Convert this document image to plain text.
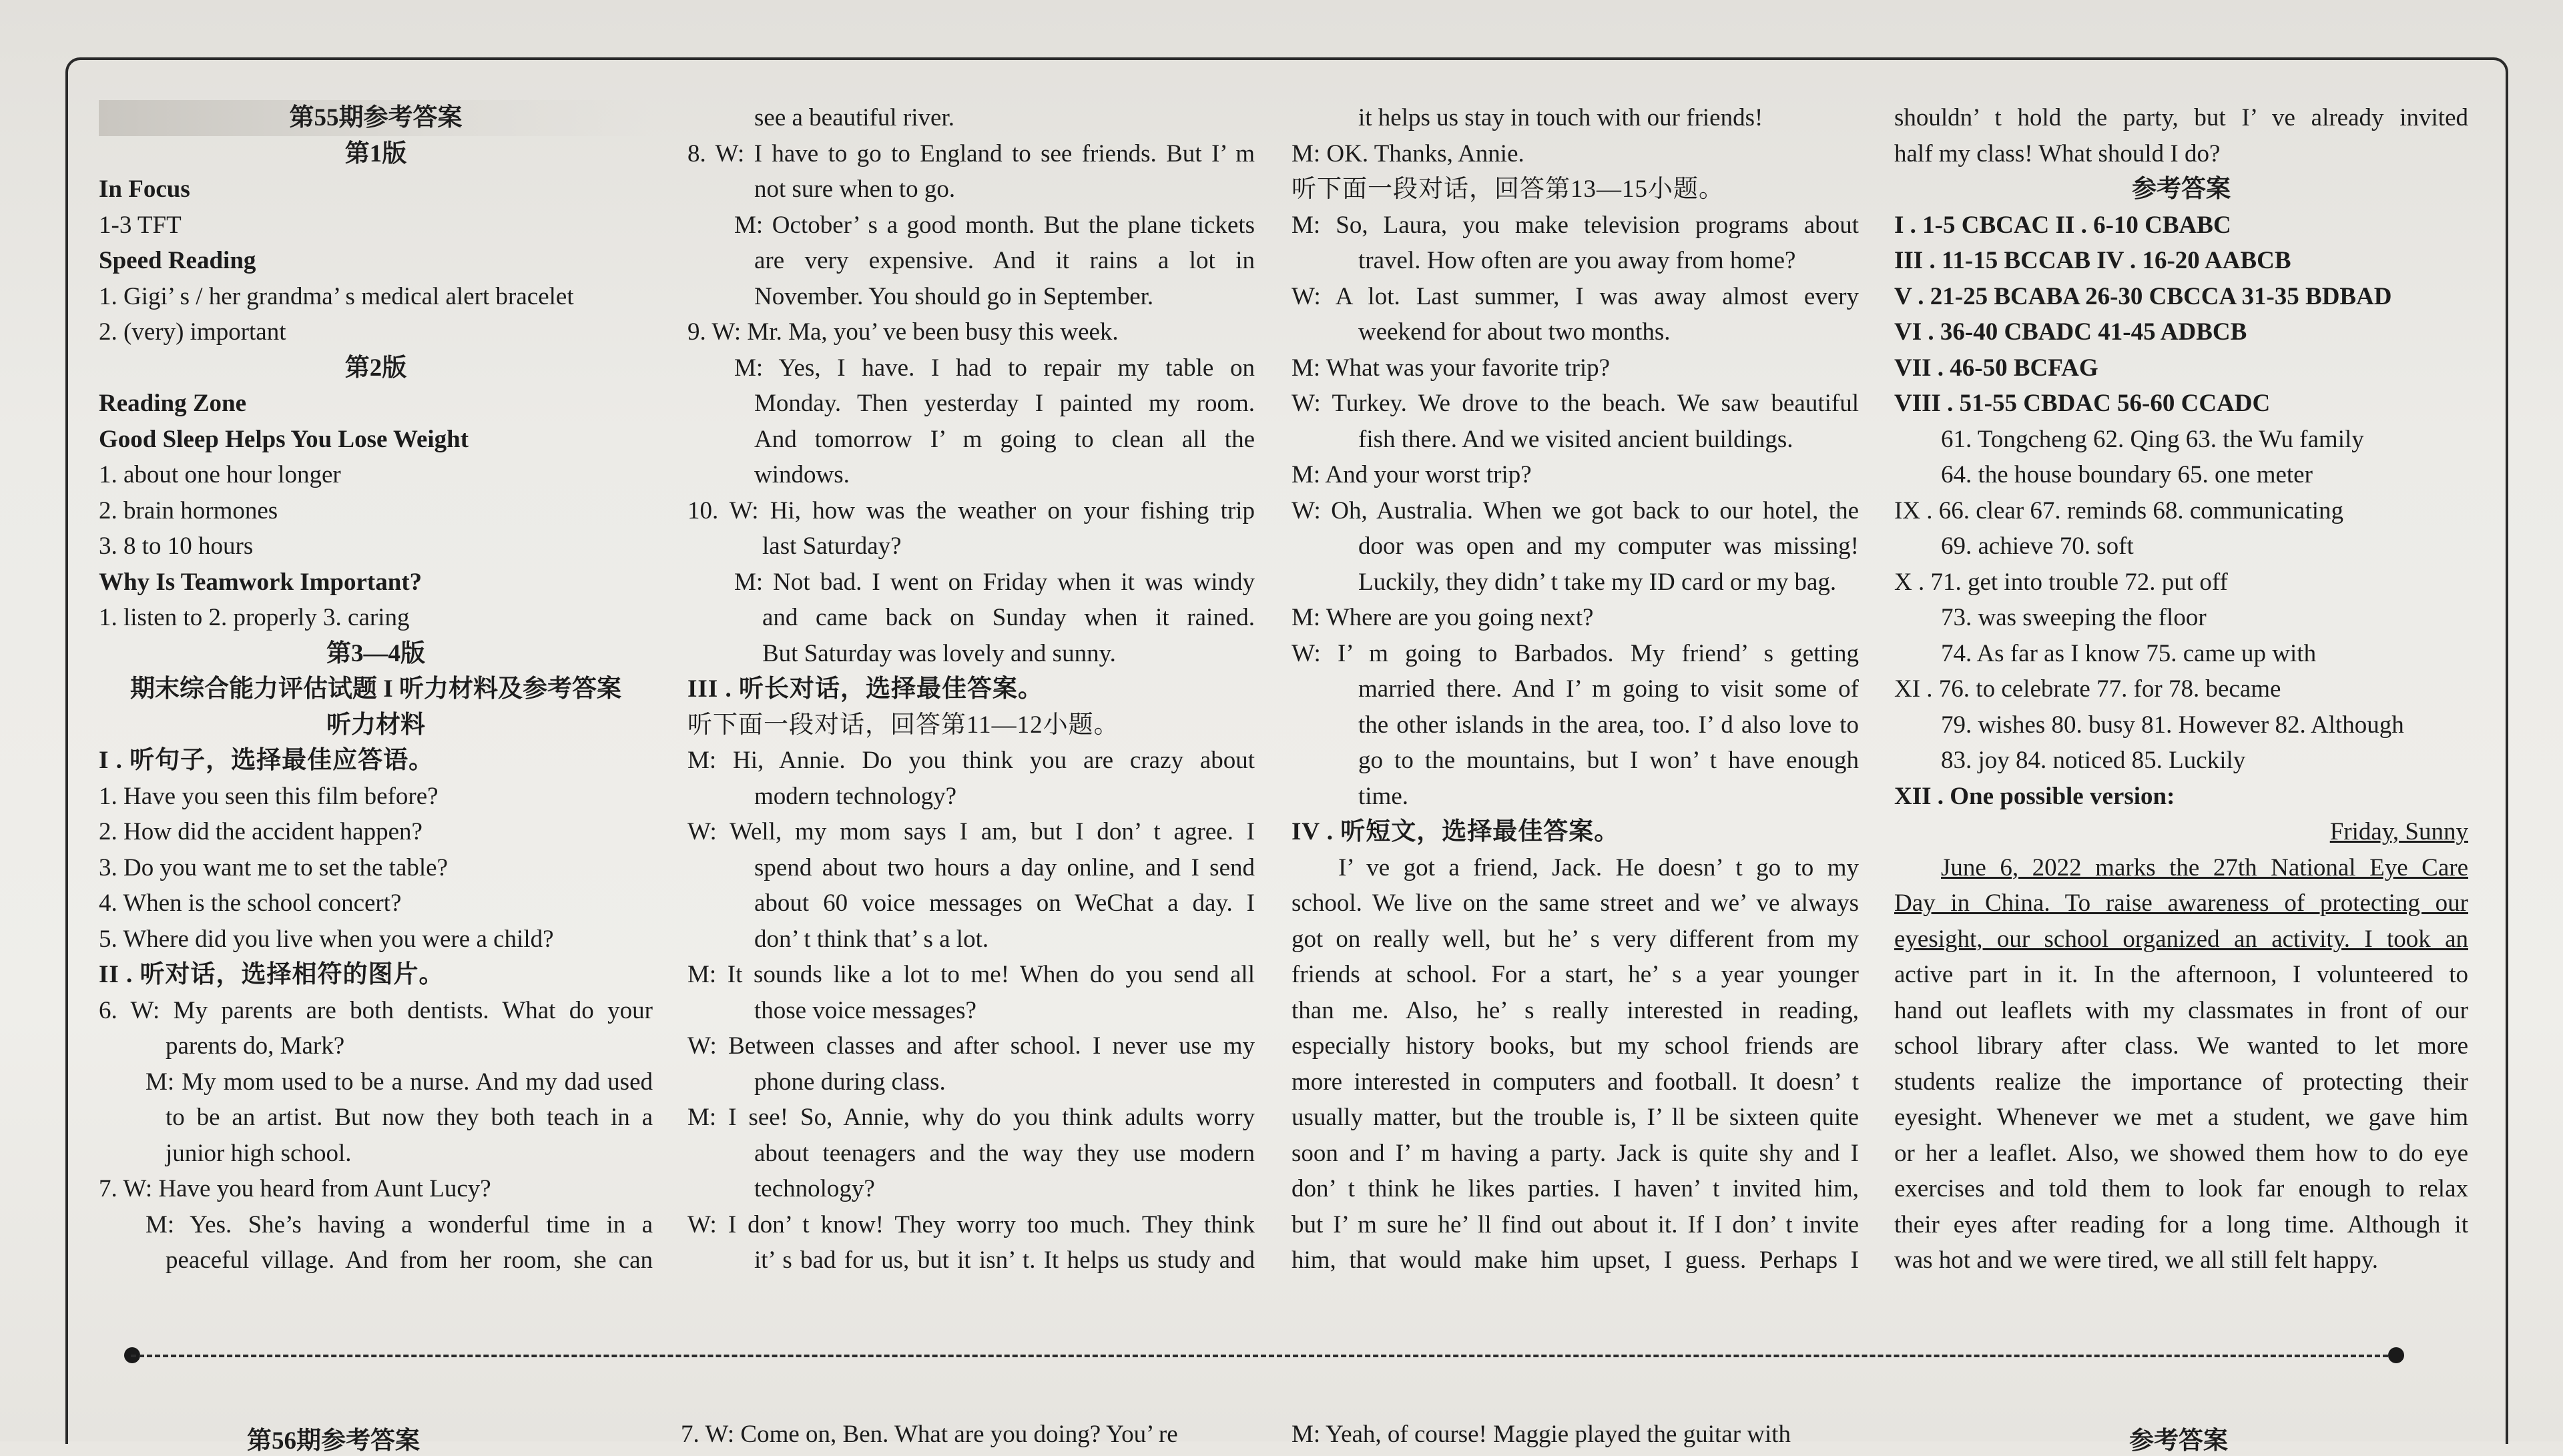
第55期参考答案
第1版
In Focus
1-3 TFT
Speed Reading
1. Gigi’ s / her grandma’ s medical alert bracelet
2. (very) important
第2版
Reading Zone
Good Sleep Helps You Lose Weight
1. about one hour longer
2. brain hormones
3. 8 to 10 hours
Why Is Teamwork Important?
1. listen to 2. properly 3. caring
第3—4版
期末综合能力评估试题 I 听力材料及参考答案
听力材料
I . 听句子，选择最佳应答语。
1. Have you seen this film before?
2. How did the accident happen?
3. Do you want me to set the table?
4. When is the school concert?
5. Where did you live when you were a child?
II . 听对话，选择相符的图片。
6. W: My parents are both dentists. What do your
parents do, Mark?
M: My mom used to be a nurse. And my dad used
to be an artist. But now they both teach in a
junior high school.
7. W: Have you heard from Aunt Lucy?
M: Yes. She’s having a wonderful time in a
peaceful village. And from her room, she can
see a beautiful river.
8. W: I have to go to England to see friends. But I’ m
not sure when to go.
M: October’ s a good month. But the plane tickets
are very expensive. And it rains a lot in
November. You should go in September.
9. W: Mr. Ma, you’ ve been busy this week.
M: Yes, I have. I had to repair my table on
Monday. Then yesterday I painted my room.
And tomorrow I’ m going to clean all the
windows.
10. W: Hi, how was the weather on your fishing trip
last Saturday?
M: Not bad. I went on Friday when it was windy
and came back on Sunday when it rained.
But Saturday was lovely and sunny.
III . 听长对话，选择最佳答案。
听下面一段对话，回答第11—12小题。
M: Hi, Annie. Do you think you are crazy about
modern technology?
W: Well, my mom says I am, but I don’ t agree. I
spend about two hours a day online, and I send
about 60 voice messages on WeChat a day. I
don’ t think that’ s a lot.
M: It sounds like a lot to me! When do you send all
those voice messages?
W: Between classes and after school. I never use my
phone during class.
M: I see! So, Annie, why do you think adults worry
about teenagers and the way they use modern
technology?
W: I don’ t know! They worry too much. They think
it’ s bad for us, but it isn’ t. It helps us study and
it helps us stay in touch with our friends!
M: OK. Thanks, Annie.
听下面一段对话，回答第13—15小题。
M: So, Laura, you make television programs about
travel. How often are you away from home?
W: A lot. Last summer, I was away almost every
weekend for about two months.
M: What was your favorite trip?
W: Turkey. We drove to the beach. We saw beautiful
fish there. And we visited ancient buildings.
M: And your worst trip?
W: Oh, Australia. When we got back to our hotel, the
door was open and my computer was missing!
Luckily, they didn’ t take my ID card or my bag.
M: Where are you going next?
W: I’ m going to Barbados. My friend’ s getting
married there. And I’ m going to visit some of
the other islands in the area, too. I’ d also love to
go to the mountains, but I won’ t have enough
time.
IV . 听短文，选择最佳答案。
I’ ve got a friend, Jack. He doesn’ t go to my
school. We live on the same street and we’ ve always
got on really well, but he’ s very different from my
friends at school. For a start, he’ s a year younger
than me. Also, he’ s really interested in reading,
especially history books, but my school friends are
more interested in computers and football. It doesn’ t
usually matter, but the trouble is, I’ ll be sixteen quite
soon and I’ m having a party. Jack is quite shy and I
don’ t think he likes parties. I haven’ t invited him,
but I’ m sure he’ ll find out about it. If I don’ t invite
him, that would make him upset, I guess. Perhaps I
shouldn’ t hold the party, but I’ ve already invited
half my class! What should I do?
参考答案
I . 1-5 CBCAC II . 6-10 CBABC
III . 11-15 BCCAB IV . 16-20 AABCB
V . 21-25 BCABA 26-30 CBCCA 31-35 BDBAD
VI . 36-40 CBADC 41-45 ADBCB
VII . 46-50 BCFAG
VIII . 51-55 CBDAC 56-60 CCADC
61. Tongcheng 62. Qing 63. the Wu family
64. the house boundary 65. one meter
IX . 66. clear 67. reminds 68. communicating
69. achieve 70. soft
X . 71. get into trouble 72. put off
73. was sweeping the floor
74. As far as I know 75. came up with
XI . 76. to celebrate 77. for 78. became
79. wishes 80. busy 81. However 82. Although
83. joy 84. noticed 85. Luckily
XII . One possible version:
Friday, Sunny
June 6, 2022 marks the 27th National Eye Care
Day in China. To raise awareness of protecting our
eyesight, our school organized an activity. I took an
active part in it. In the afternoon, I volunteered to
hand out leaflets with my classmates in front of our
school library after class. We wanted to let more
students realize the importance of protecting their
eyesight. Whenever we met a student, we gave him
or her a leaflet. Also, we showed them how to do eye
exercises and told them to look far enough to relax
their eyes after reading for a long time. Although it
was hot and we were tired, we all still felt happy.
第56期参考答案	7. W: Come on, Ben. What are you doing? You’ re	M: Yeah, of course! Maggie played the guitar with	参考答案
